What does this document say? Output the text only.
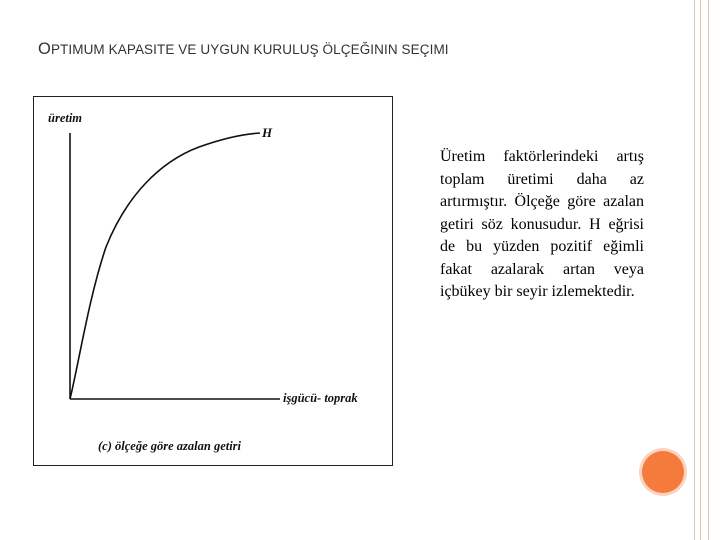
OPTIMUM KAPASITE VE UYGUN KURULUŞ ÖLÇEĞININ SEÇIMI
üretim
H
işgücü- toprak
(c) ölçeğe göre azalan getiri
Üretim faktörlerindeki artış toplam üretimi daha az artırmıştır. Ölçeğe göre azalan getiri söz konusudur. H eğrisi de bu yüzden pozitif eğimli fakat azalarak artan veya içbükey bir seyir izlemektedir.
